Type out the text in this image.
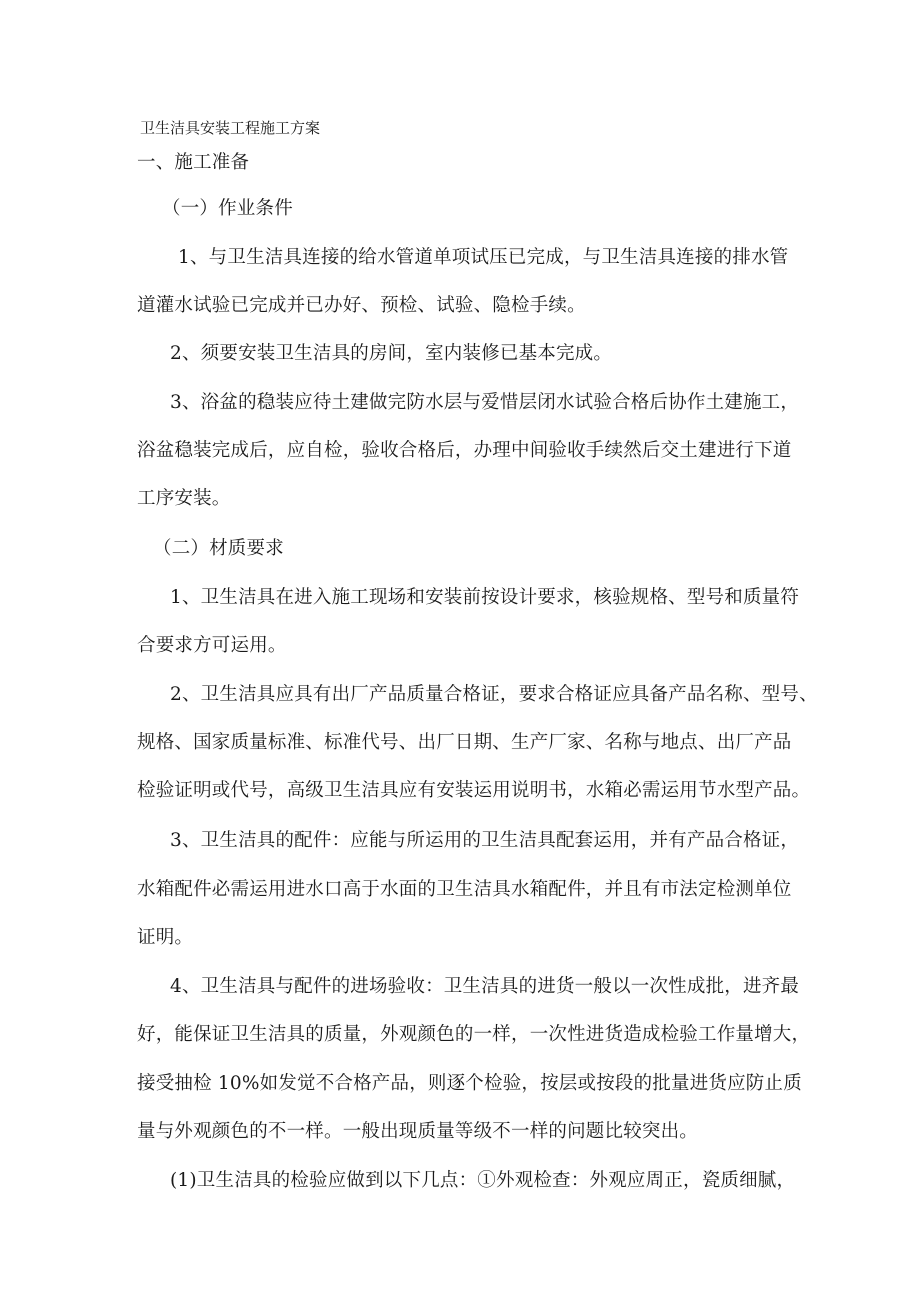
卫生洁具安装工程施工方案

一、施工准备

（一）作业条件

1、与卫生洁具连接的给水管道单项试压已完成，与卫生洁具连接的排水管

道灌水试验已完成并已办好、预检、试验、隐检手续。

2、须要安装卫生洁具的房间，室内装修已基本完成。

3、浴盆的稳装应待土建做完防水层与爱惜层闭水试验合格后协作土建施工，

浴盆稳装完成后，应自检，验收合格后，办理中间验收手续然后交土建进行下道

工序安装。

（二）材质要求

1、卫生洁具在进入施工现场和安装前按设计要求，核验规格、型号和质量符

合要求方可运用。

2、卫生洁具应具有出厂产品质量合格证，要求合格证应具备产品名称、型号、

规格、国家质量标准、标准代号、出厂日期、生产厂家、名称与地点、出厂产品

检验证明或代号，高级卫生洁具应有安装运用说明书，水箱必需运用节水型产品。

3、卫生洁具的配件：应能与所运用的卫生洁具配套运用，并有产品合格证，

水箱配件必需运用进水口高于水面的卫生洁具水箱配件，并且有市法定检测单位

证明。

4、卫生洁具与配件的进场验收：卫生洁具的进货一般以一次性成批，进齐最

好，能保证卫生洁具的质量，外观颜色的一样，一次性进货造成检验工作量增大，

接受抽检 10%如发觉不合格产品，则逐个检验，按层或按段的批量进货应防止质

量与外观颜色的不一样。一般出现质量等级不一样的问题比较突出。

(1)卫生洁具的检验应做到以下几点：①外观检查：外观应周正，瓷质细腻，
